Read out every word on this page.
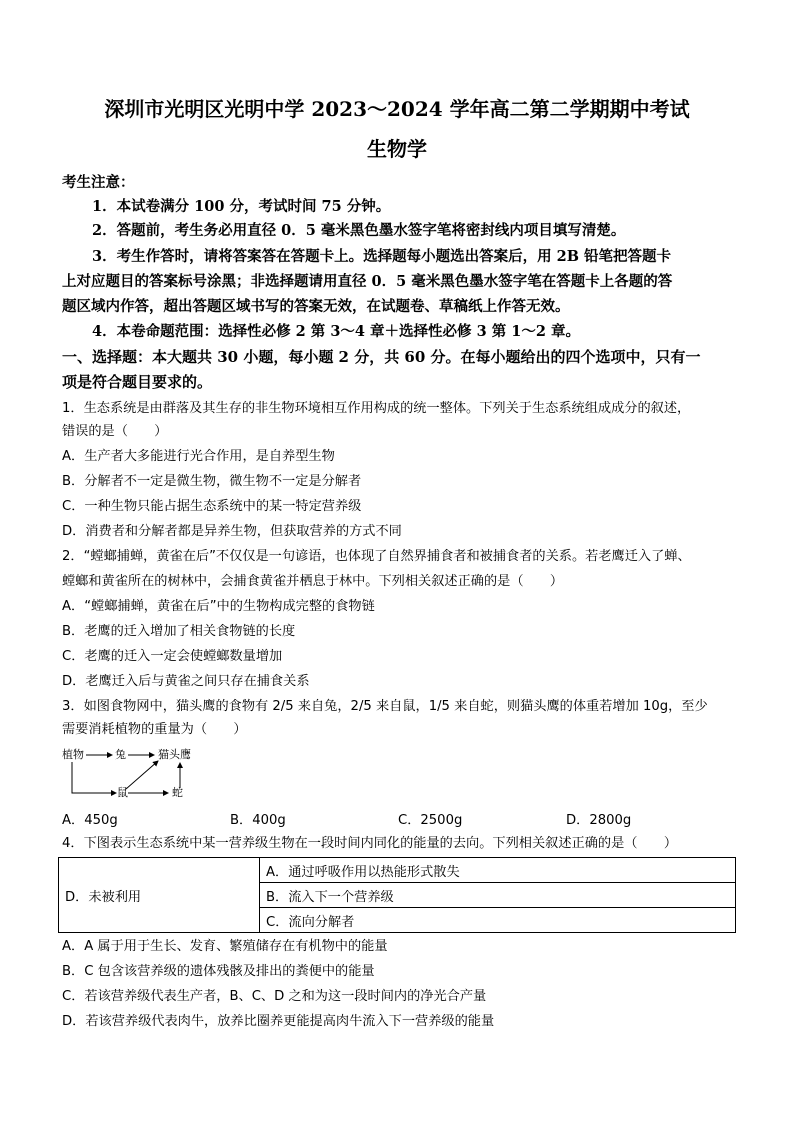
深圳市光明区光明中学 2023～2024 学年高二第二学期期中考试
生物学
考生注意：
1．本试卷满分 100 分，考试时间 75 分钟。
2．答题前，考生务必用直径 0．5 毫米黑色墨水签字笔将密封线内项目填写清楚。
3．考生作答时，请将答案答在答题卡上。选择题每小题选出答案后，用 2B 铅笔把答题卡
上对应题目的答案标号涂黑；非选择题请用直径 0．5 毫米黑色墨水签字笔在答题卡上各题的答
题区域内作答，超出答题区域书写的答案无效，在试题卷、草稿纸上作答无效。
4．本卷命题范围：选择性必修 2 第 3～4 章＋选择性必修 3 第 1～2 章。
一、选择题：本大题共 30 小题，每小题 2 分，共 60 分。在每小题给出的四个选项中，只有一
项是符合题目要求的。
1．生态系统是由群落及其生存的非生物环境相互作用构成的统一整体。下列关于生态系统组成成分的叙述，
错误的是（　　）
A．生产者大多能进行光合作用，是自养型生物
B．分解者不一定是微生物，微生物不一定是分解者
C．一种生物只能占据生态系统中的某一特定营养级
D．消费者和分解者都是异养生物，但获取营养的方式不同
2．“螳螂捕蝉，黄雀在后”不仅仅是一句谚语，也体现了自然界捕食者和被捕食者的关系。若老鹰迁入了蝉、
螳螂和黄雀所在的树林中，会捕食黄雀并栖息于林中。下列相关叙述正确的是（　　）
A．“螳螂捕蝉，黄雀在后”中的生物构成完整的食物链
B．老鹰的迁入增加了相关食物链的长度
C．老鹰的迁入一定会使螳螂数量增加
D．老鹰迁入后与黄雀之间只存在捕食关系
3．如图食物网中，猫头鹰的食物有 2/5 来自兔，2/5 来自鼠，1/5 来自蛇，则猫头鹰的体重若增加 10g，至少
需要消耗植物的重量为（　　）
植物	兔	猫头鹰
鼠	蛇
A．450g	B．400g	C．2500g	D．2800g
4．下图表示生态系统中某一营养级生物在一段时间内同化的能量的去向。下列相关叙述正确的是（　　）
D．未被利用	A．通过呼吸作用以热能形式散失
B．流入下一个营养级
C．流向分解者
A．A 属于用于生长、发育、繁殖储存在有机物中的能量
B．C 包含该营养级的遗体残骸及排出的粪便中的能量
C．若该营养级代表生产者，B、C、D 之和为这一段时间内的净光合产量
D．若该营养级代表肉牛，放养比圈养更能提高肉牛流入下一营养级的能量
